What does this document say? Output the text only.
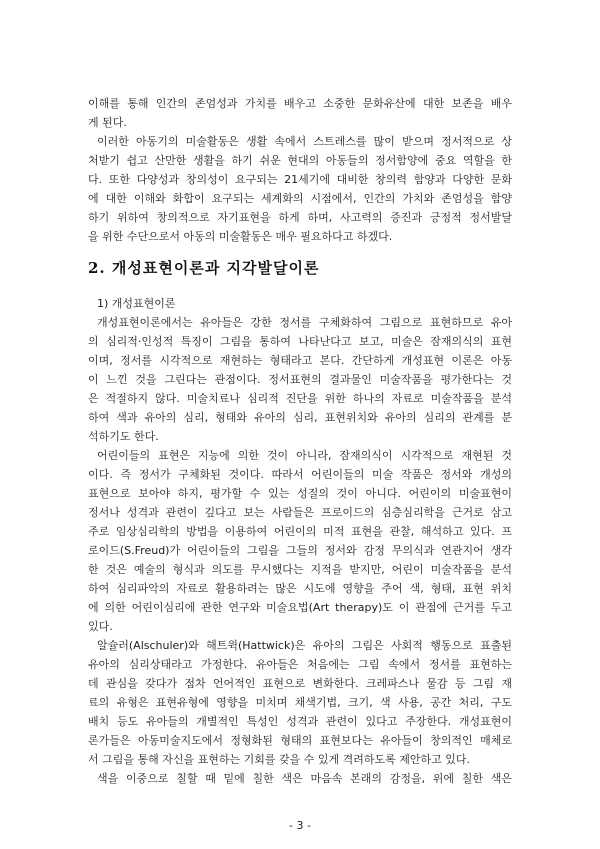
이해를 통해 인간의 존엄성과 가치를 배우고 소중한 문화유산에 대한 보존을 배우
게 된다.
이러한 아동기의 미술활동은 생활 속에서 스트레스를 많이 받으며 정서적으로 상
처받기 쉽고 산만한 생활을 하기 쉬운 현대의 아동들의 정서함양에 중요 역할을 한
다. 또한 다양성과 창의성이 요구되는 21세기에 대비한 창의력 함양과 다양한 문화
에 대한 이해와 화합이 요구되는 세계화의 시점에서, 인간의 가치와 존엄성을 함양
하기 위하여 창의적으로 자기표현을 하게 하며, 사고력의 증진과 긍정적 정서발달
을 위한 수단으로서 아동의 미술활동은 매우 필요하다고 하겠다.
2. 개성표현이론과 지각발달이론
1) 개성표현이론
개성표현이론에서는 유아들은 강한 정서를 구체화하여 그림으로 표현하므로 유아
의 심리적·인성적 특징이 그림을 통하여 나타난다고 보고, 미술은 잠재의식의 표현
이며, 정서를 시각적으로 재현하는 형태라고 본다. 간단하게 개성표현 이론은 아동
이 느낀 것을 그린다는 관점이다. 정서표현의 결과물인 미술작품을 평가한다는 것
은 적절하지 않다. 미술치료나 심리적 진단을 위한 하나의 자료로 미술작품을 분석
하여 색과 유아의 심리, 형태와 유아의 심리, 표현위치와 유아의 심리의 관계를 분
석하기도 한다.
어린이들의 표현은 지능에 의한 것이 아니라, 잠재의식이 시각적으로 재현된 것
이다. 즉 정서가 구체화된 것이다. 따라서 어린이들의 미술 작품은 정서와 개성의
표현으로 보아야 하지, 평가할 수 있는 성질의 것이 아니다. 어린이의 미술표현이
정서나 성격과 관련이 깊다고 보는 사람들은 프로이드의 심층심리학을 근거로 삼고
주로 임상심리학의 방법을 이용하여 어린이의 미적 표현을 관찰, 해석하고 있다. 프
로이드(S.Freud)가 어린이들의 그림을 그들의 정서와 감정 무의식과 연관지어 생각
한 것은 예술의 형식과 의도를 무시했다는 지적을 받지만, 어린이 미술작품을 분석
하여 심리파악의 자료로 활용하려는 많은 시도에 영향을 주어 색, 형태, 표현 위치
에 의한 어린이심리에 관한 연구와 미술요법(Art therapy)도 이 관점에 근거를 두고
있다.
알슐러(Alschuler)와 해트윅(Hattwick)은 유아의 그림은 사회적 행동으로 표출된
유아의 심리상태라고 가정한다. 유아들은 처음에는 그림 속에서 정서를 표현하는
데 관심을 갖다가 점차 언어적인 표현으로 변화한다. 크레파스나 물감 등 그림 재
료의 유형은 표현유형에 영향을 미치며 채색기법, 크기, 색 사용, 공간 처리, 구도
배치 등도 유아들의 개별적인 특성인 성격과 관련이 있다고 주장한다. 개성표현이
론가들은 아동미술지도에서 정형화된 형태의 표현보다는 유아들이 창의적인 매체로
서 그림을 통해 자신을 표현하는 기회를 갖을 수 있게 격려하도록 제안하고 있다.
색을 이중으로 칠할 때 밑에 칠한 색은 마음속 본래의 감정을, 위에 칠한 색은
- 3 -
